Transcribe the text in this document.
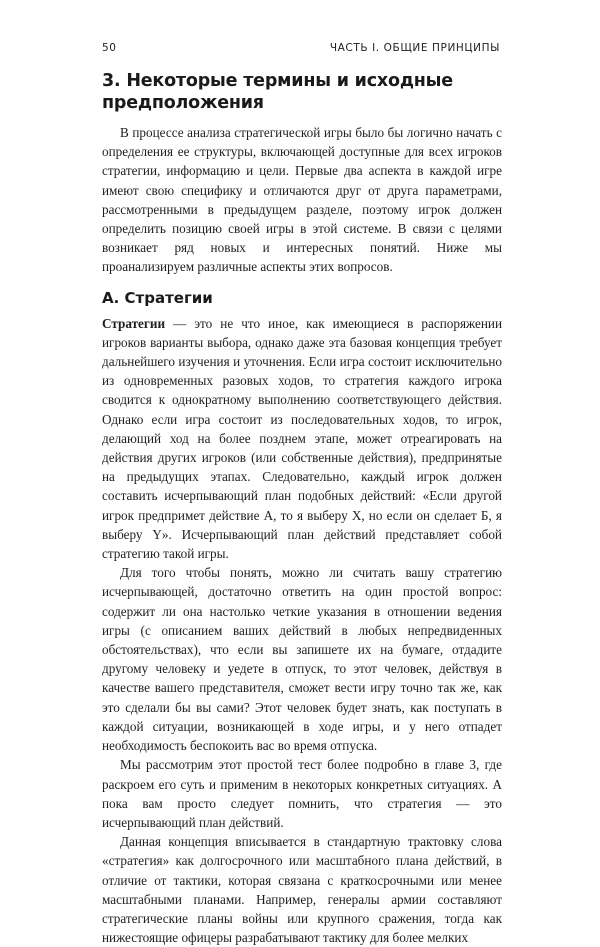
50	ЧАСТЬ I. ОБЩИЕ ПРИНЦИПЫ
3. Некоторые термины и исходные предположения

В процессе анализа стратегической игры было бы логично начать с определения ее структуры, включающей доступные для всех игроков стратегии, информацию и цели. Первые два аспекта в каждой игре имеют свою специфику и отличаются друг от друга параметрами, рассмотренными в предыдущем разделе, поэтому игрок должен определить позицию своей игры в этой системе. В связи с целями возникает ряд новых и интересных понятий. Ниже мы проанализируем различные аспекты этих вопросов.

А. Стратегии

Стратегии — это не что иное, как имеющиеся в распоряжении игроков варианты выбора, однако даже эта базовая концепция требует дальнейшего изучения и уточнения. Если игра состоит исключительно из одновременных разовых ходов, то стратегия каждого игрока сводится к однократному выполнению соответствующего действия. Однако если игра состоит из последовательных ходов, то игрок, делающий ход на более позднем этапе, может отреагировать на действия других игроков (или собственные действия), предпринятые на предыдущих этапах. Следовательно, каждый игрок должен составить исчерпывающий план подобных действий: «Если другой игрок предпримет действие А, то я выберу Х, но если он сделает Б, я выберу Y». Исчерпывающий план действий представляет собой стратегию такой игры.

Для того чтобы понять, можно ли считать вашу стратегию исчерпывающей, достаточно ответить на один простой вопрос: содержит ли она настолько четкие указания в отношении ведения игры (с описанием ваших действий в любых непредвиденных обстоятельствах), что если вы запишете их на бумаге, отдадите другому человеку и уедете в отпуск, то этот человек, действуя в качестве вашего представителя, сможет вести игру точно так же, как это сделали бы вы сами? Этот человек будет знать, как поступать в каждой ситуации, возникающей в ходе игры, и у него отпадет необходимость беспокоить вас во время отпуска.

Мы рассмотрим этот простой тест более подробно в главе 3, где раскроем его суть и применим в некоторых конкретных ситуациях. А пока вам просто следует помнить, что стратегия — это исчерпывающий план действий.

Данная концепция вписывается в стандартную трактовку слова «стратегия» как долгосрочного или масштабного плана действий, в отличие от тактики, которая связана с краткосрочными или менее масштабными планами. Например, генералы армии составляют стратегические планы войны или крупного сражения, тогда как нижестоящие офицеры разрабатывают тактику для более мелких
